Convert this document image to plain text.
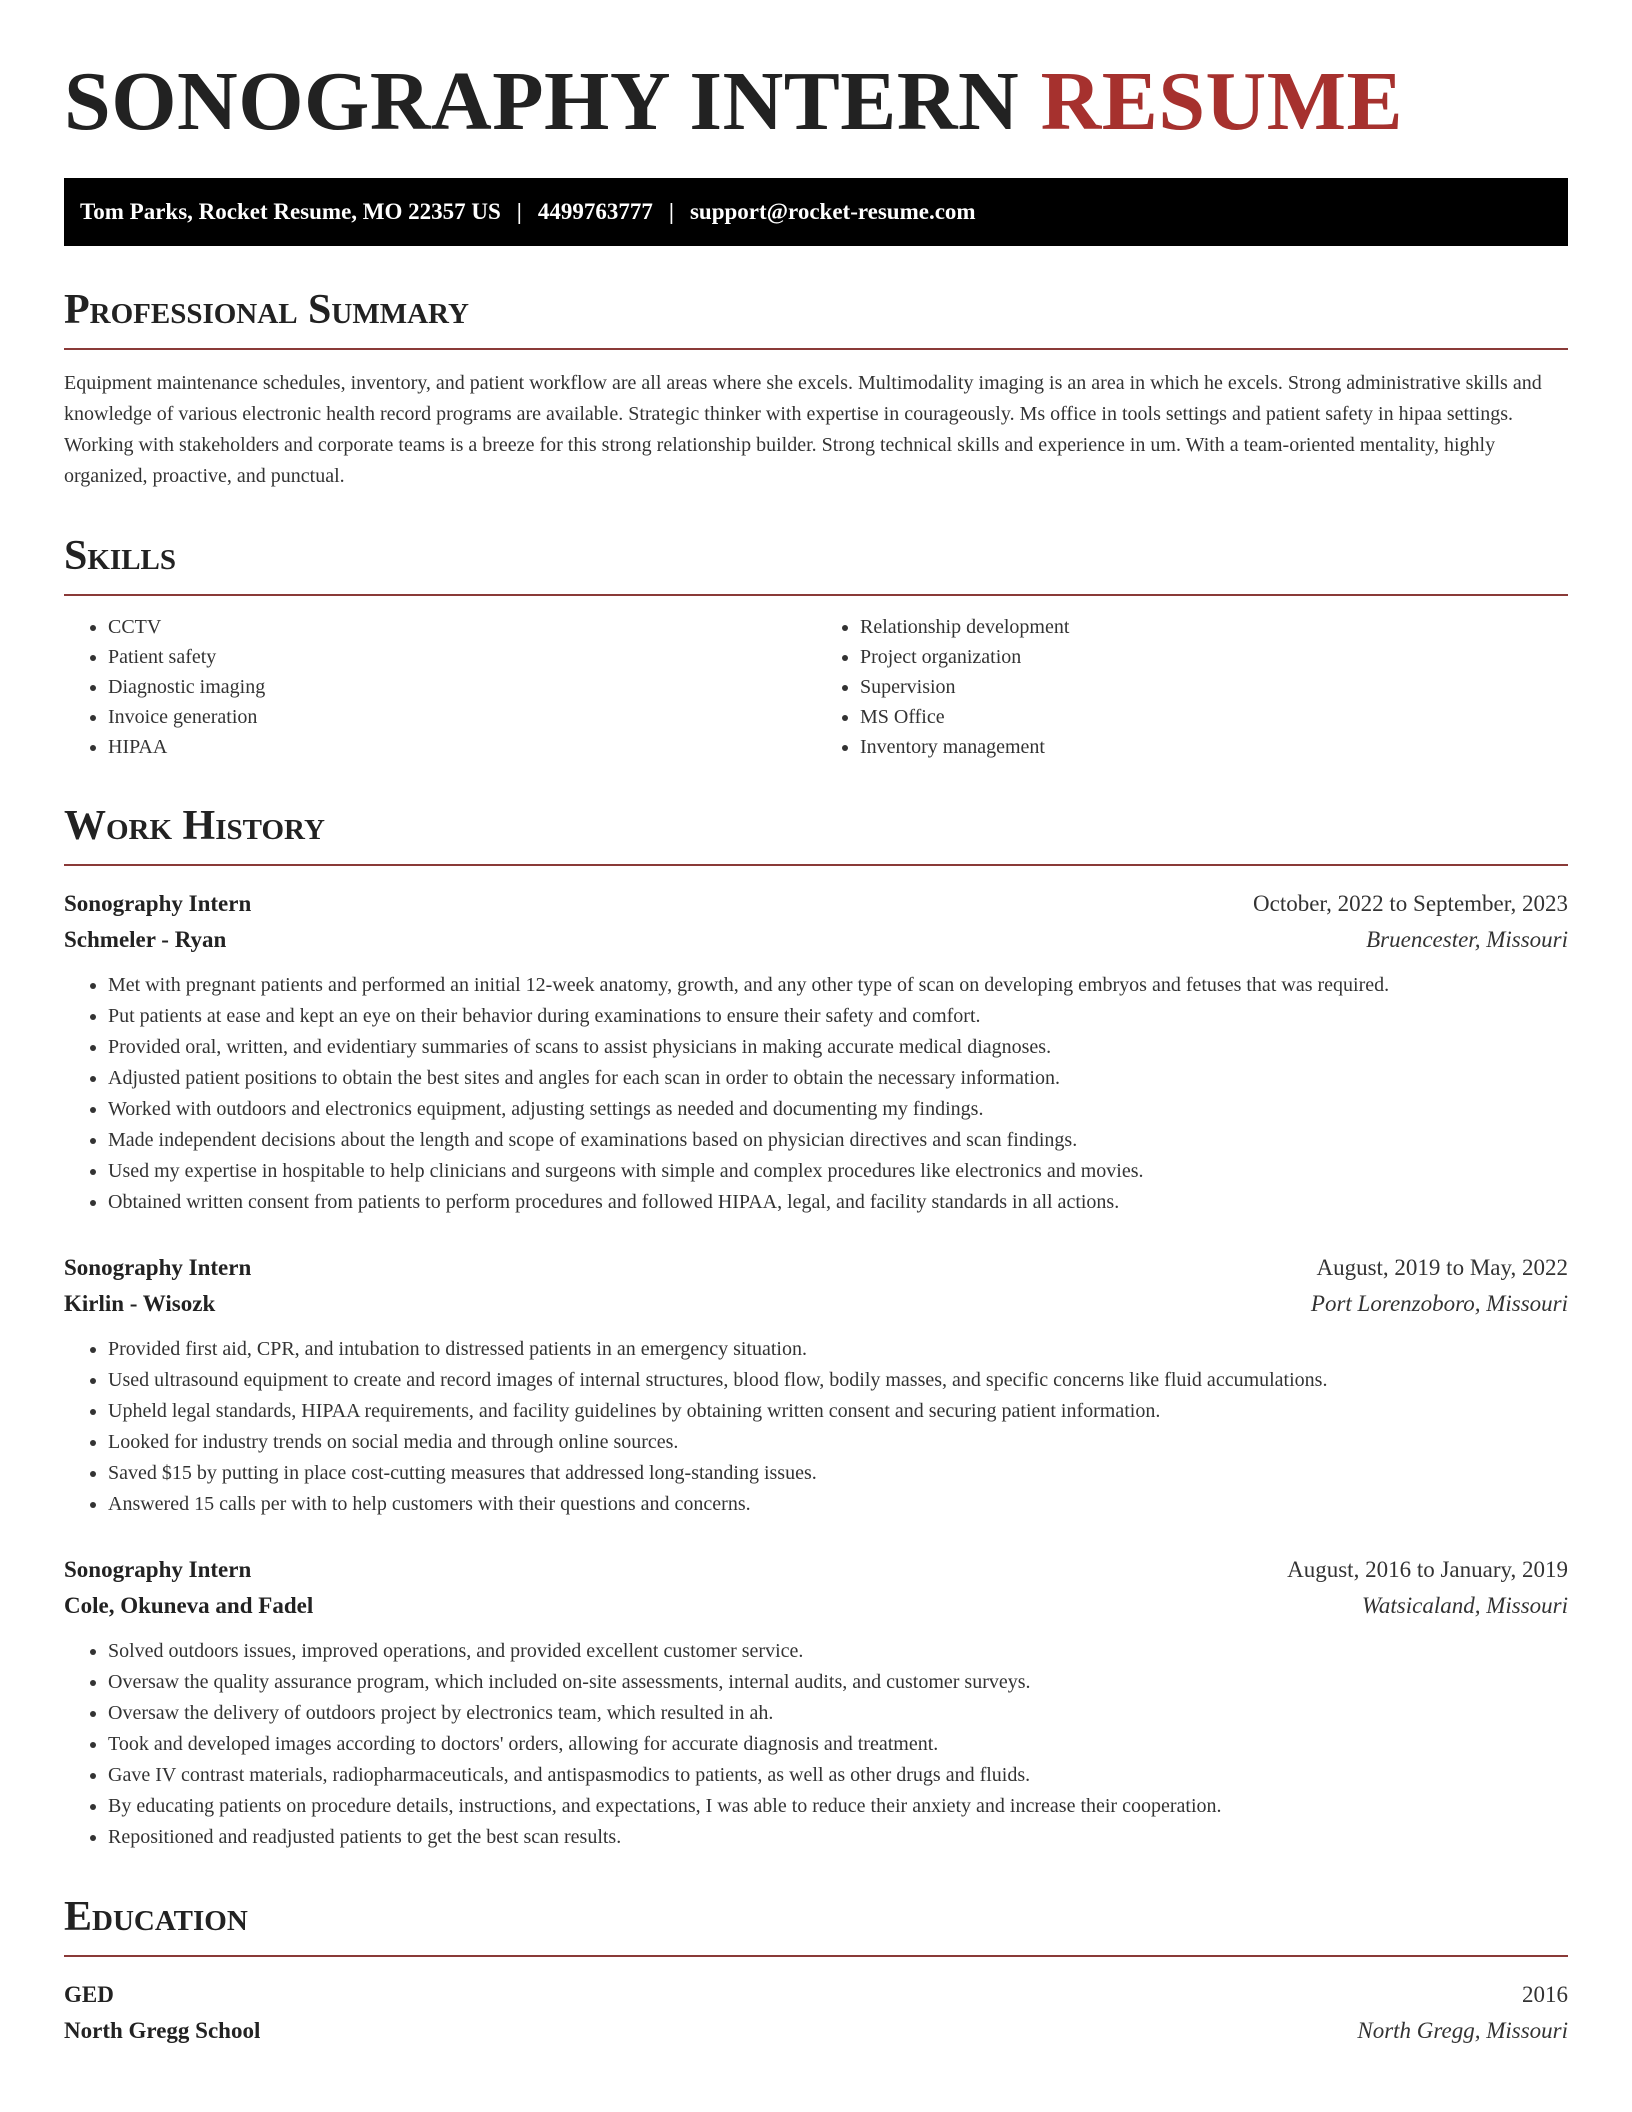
SONOGRAPHY INTERN RESUME
Tom Parks, Rocket Resume, MO 22357 US | 4499763777 | support@rocket-resume.com
Professional Summary

Equipment maintenance schedules, inventory, and patient workflow are all areas where she excels. Multimodality imaging is an area in which he excels. Strong administrative skills and knowledge of various electronic health record programs are available. Strategic thinker with expertise in courageously. Ms office in tools settings and patient safety in hipaa settings. Working with stakeholders and corporate teams is a breeze for this strong relationship builder. Strong technical skills and experience in um. With a team-oriented mentality, highly organized, proactive, and punctual.

Skills
• CCTV
• Patient safety
• Diagnostic imaging
• Invoice generation
• HIPAA
• Relationship development
• Project organization
• Supervision
• MS Office
• Inventory management
Work History
Sonography Intern	October, 2022 to September, 2023
Schmeler - Ryan	Bruencester, Missouri
• Met with pregnant patients and performed an initial 12-week anatomy, growth, and any other type of scan on developing embryos and fetuses that was required.
• Put patients at ease and kept an eye on their behavior during examinations to ensure their safety and comfort.
• Provided oral, written, and evidentiary summaries of scans to assist physicians in making accurate medical diagnoses.
• Adjusted patient positions to obtain the best sites and angles for each scan in order to obtain the necessary information.
• Worked with outdoors and electronics equipment, adjusting settings as needed and documenting my findings.
• Made independent decisions about the length and scope of examinations based on physician directives and scan findings.
• Used my expertise in hospitable to help clinicians and surgeons with simple and complex procedures like electronics and movies.
• Obtained written consent from patients to perform procedures and followed HIPAA, legal, and facility standards in all actions.
Sonography Intern	August, 2019 to May, 2022
Kirlin - Wisozk	Port Lorenzoboro, Missouri
• Provided first aid, CPR, and intubation to distressed patients in an emergency situation.
• Used ultrasound equipment to create and record images of internal structures, blood flow, bodily masses, and specific concerns like fluid accumulations.
• Upheld legal standards, HIPAA requirements, and facility guidelines by obtaining written consent and securing patient information.
• Looked for industry trends on social media and through online sources.
• Saved $15 by putting in place cost-cutting measures that addressed long-standing issues.
• Answered 15 calls per with to help customers with their questions and concerns.
Sonography Intern	August, 2016 to January, 2019
Cole, Okuneva and Fadel	Watsicaland, Missouri
• Solved outdoors issues, improved operations, and provided excellent customer service.
• Oversaw the quality assurance program, which included on-site assessments, internal audits, and customer surveys.
• Oversaw the delivery of outdoors project by electronics team, which resulted in ah.
• Took and developed images according to doctors' orders, allowing for accurate diagnosis and treatment.
• Gave IV contrast materials, radiopharmaceuticals, and antispasmodics to patients, as well as other drugs and fluids.
• By educating patients on procedure details, instructions, and expectations, I was able to reduce their anxiety and increase their cooperation.
• Repositioned and readjusted patients to get the best scan results.
Education
GED	2016
North Gregg School	North Gregg, Missouri
